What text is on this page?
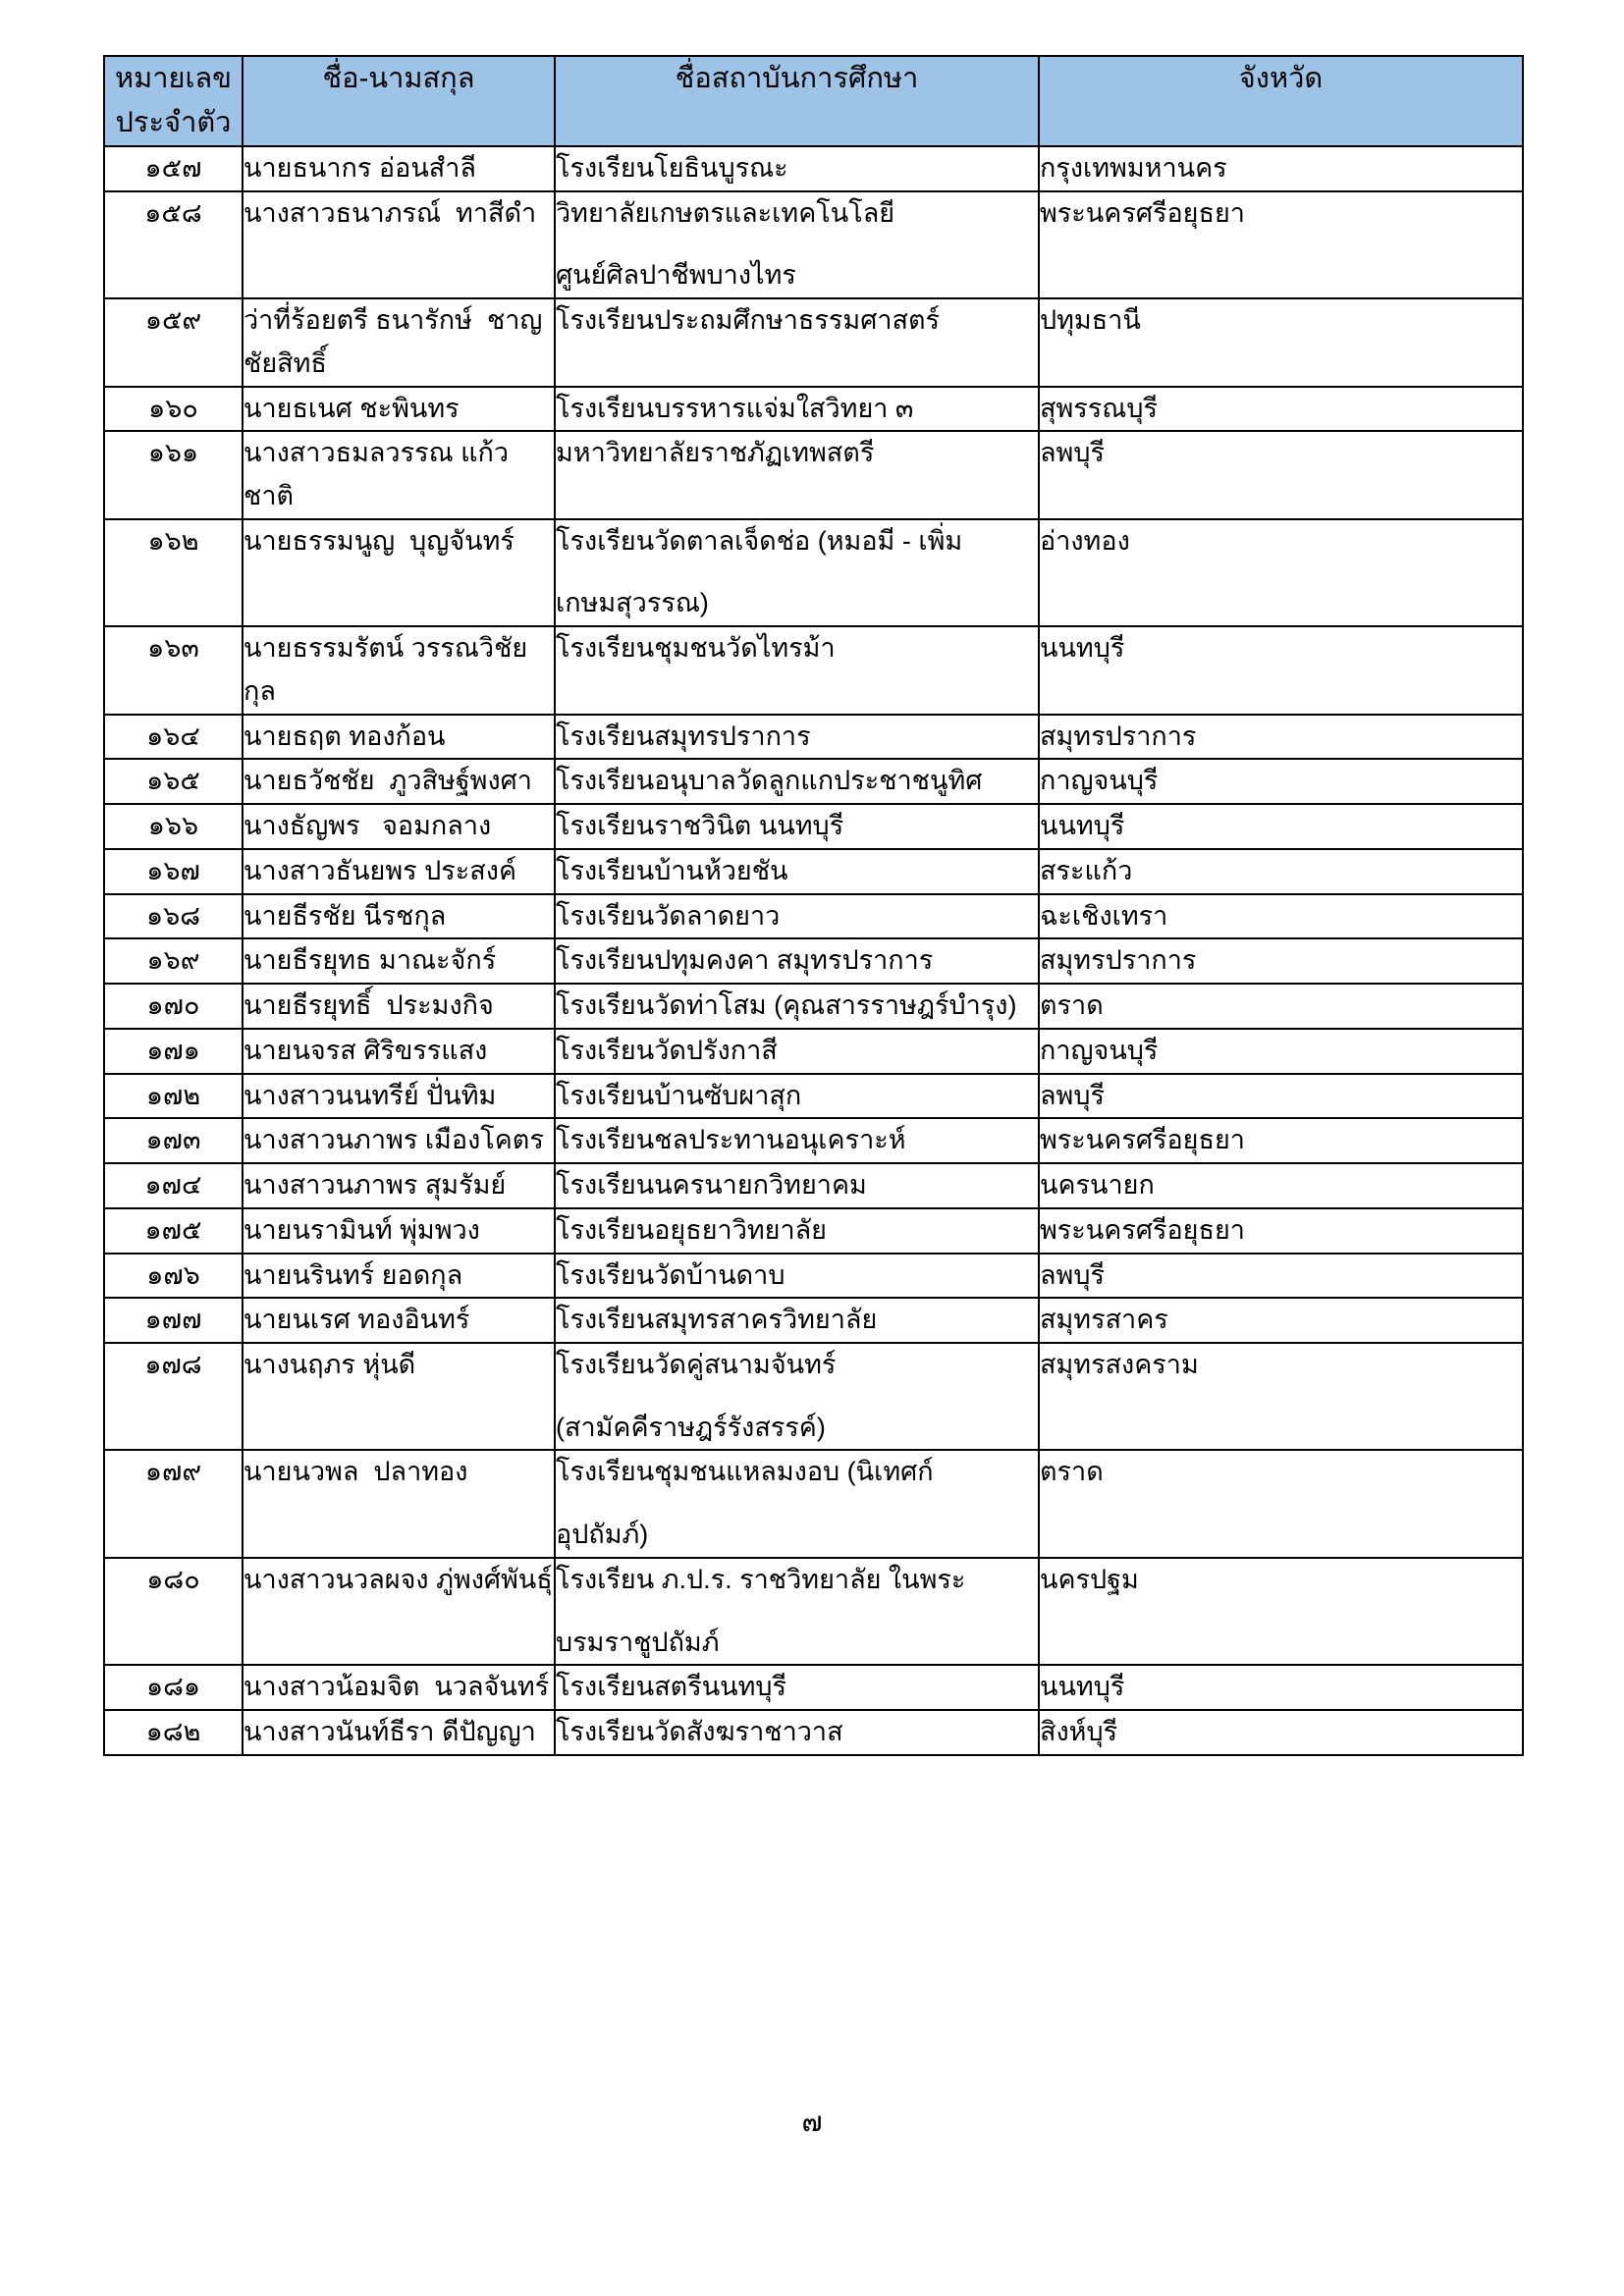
หมายเลข
ประจำตัว	ชื่อ-นามสกุล	ชื่อสถาบันการศึกษา	จังหวัด

๑๕๗	นายธนากร อ่อนสำลี	โรงเรียนโยธินบูรณะ	กรุงเทพมหานคร

๑๕๘	นางสาวธนาภรณ์  ทาสีดำ	วิทยาลัยเกษตรและเทคโนโลยี
ศูนย์ศิลปาชีพบางไทร	พระนครศรีอยุธยา

๑๕๙	ว่าที่ร้อยตรี ธนารักษ์  ชาญชัยสิทธิ์	โรงเรียนประถมศึกษาธรรมศาสตร์	ปทุมธานี

๑๖๐	นายธเนศ ชะพินทร	โรงเรียนบรรหารแจ่มใสวิทยา ๓	สุพรรณบุรี

๑๖๑	นางสาวธมลวรรณ แก้วชาติ	มหาวิทยาลัยราชภัฏเทพสตรี	ลพบุรี

๑๖๒	นายธรรมนูญ  บุญจันทร์	โรงเรียนวัดตาลเจ็ดช่อ (หมอมี - เพิ่ม
เกษมสุวรรณ)	อ่างทอง

๑๖๓	นายธรรมรัตน์ วรรณวิชัยกุล	โรงเรียนชุมชนวัดไทรม้า	นนทบุรี

๑๖๔	นายธฤต ทองก้อน	โรงเรียนสมุทรปราการ	สมุทรปราการ

๑๖๕	นายธวัชชัย  ภูวสิษฐ์พงศา	โรงเรียนอนุบาลวัดลูกแกประชาชนูทิศ	กาญจนบุรี

๑๖๖	นางธัญพร   จอมกลาง	โรงเรียนราชวินิต นนทบุรี	นนทบุรี

๑๖๗	นางสาวธันยพร ประสงค์	โรงเรียนบ้านห้วยชัน	สระแก้ว

๑๖๘	นายธีรชัย นีรชกุล	โรงเรียนวัดลาดยาว	ฉะเชิงเทรา

๑๖๙	นายธีรยุทธ มาณะจักร์	โรงเรียนปทุมคงคา สมุทรปราการ	สมุทรปราการ

๑๗๐	นายธีรยุทธิ์  ประมงกิจ	โรงเรียนวัดท่าโสม (คุณสารราษฎร์บำรุง)	ตราด

๑๗๑	นายนจรส ศิริขรรแสง	โรงเรียนวัดปรังกาสี	กาญจนบุรี

๑๗๒	นางสาวนนทรีย์ ปั่นทิม	โรงเรียนบ้านซับผาสุก	ลพบุรี

๑๗๓	นางสาวนภาพร เมืองโคตร	โรงเรียนชลประทานอนุเคราะห์	พระนครศรีอยุธยา

๑๗๔	นางสาวนภาพร สุมรัมย์	โรงเรียนนครนายกวิทยาคม	นครนายก

๑๗๕	นายนรามินท์ พุ่มพวง	โรงเรียนอยุธยาวิทยาลัย	พระนครศรีอยุธยา

๑๗๖	นายนรินทร์ ยอดกุล	โรงเรียนวัดบ้านดาบ	ลพบุรี

๑๗๗	นายนเรศ ทองอินทร์	โรงเรียนสมุทรสาครวิทยาลัย	สมุทรสาคร

๑๗๘	นางนฤภร หุ่นดี	โรงเรียนวัดคู่สนามจันทร์
(สามัคคีราษฎร์รังสรรค์)	สมุทรสงคราม

๑๗๙	นายนวพล  ปลาทอง	โรงเรียนชุมชนแหลมงอบ (นิเทศก์
อุปถัมภ์)	ตราด

๑๘๐	นางสาวนวลผจง ภู่พงศ์พันธุ์	โรงเรียน ภ.ป.ร. ราชวิทยาลัย ในพระ
บรมราชูปถัมภ์	นครปฐม

๑๘๑	นางสาวน้อมจิต  นวลจันทร์	โรงเรียนสตรีนนทบุรี	นนทบุรี

๑๘๒	นางสาวนันท์ธีรา ดีปัญญา	โรงเรียนวัดสังฆราชาวาส	สิงห์บุรี
๗
